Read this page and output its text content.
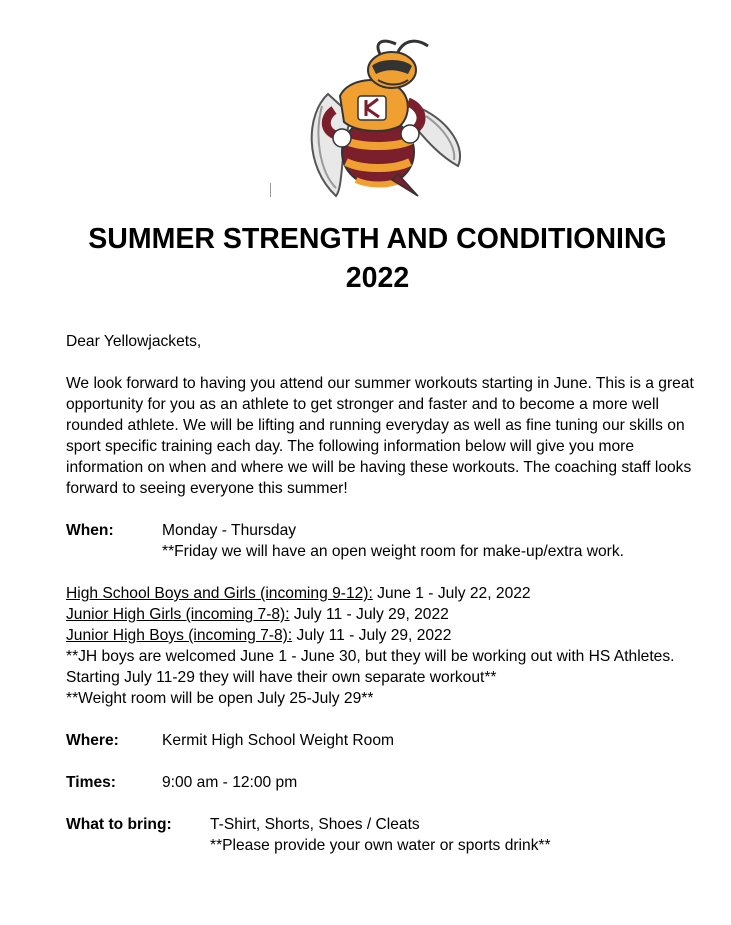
SUMMER STRENGTH AND CONDITIONING
2022

Dear Yellowjackets,

We look forward to having you attend our summer workouts starting in June. This is a great opportunity for you as an athlete to get stronger and faster and to become a more well rounded athlete. We will be lifting and running everyday as well as fine tuning our skills on sport specific training each day. The following information below will give you more information on when and where we will be having these workouts. The coaching staff looks forward to seeing everyone this summer!

When:	Monday - Thursday
**Friday we will have an open weight room for make-up/extra work.
High School Boys and Girls (incoming 9-12): June 1 - July 22, 2022
Junior High Girls (incoming 7-8): July 11 - July 29, 2022
Junior High Boys (incoming 7-8): July 11 - July 29, 2022

**JH boys are welcomed June 1 - June 30, but they will be working out with HS Athletes. Starting July 11-29 they will have their own separate workout**

**Weight room will be open July 25-July 29**

Where:	Kermit High School Weight Room
Times:	9:00 am - 12:00 pm
What to bring:	T-Shirt, Shorts, Shoes / Cleats
**Please provide your own water or sports drink**
